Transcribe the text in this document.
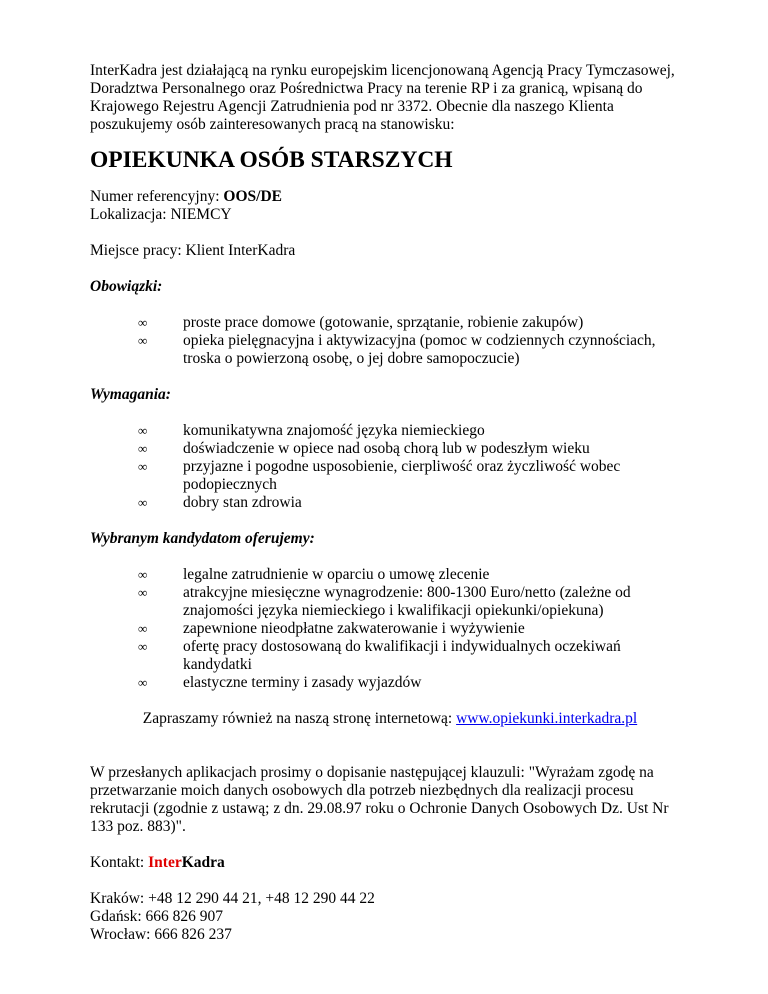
InterKadra jest działającą na rynku europejskim licencjonowaną Agencją Pracy Tymczasowej, Doradztwa Personalnego oraz Pośrednictwa Pracy na terenie RP i za granicą, wpisaną do Krajowego Rejestru Agencji Zatrudnienia pod nr 3372. Obecnie dla naszego Klienta poszukujemy osób zainteresowanych pracą na stanowisku:

OPIEKUNKA OSÓB STARSZYCH

Numer referencyjny: OOS/DE

Lokalizacja: NIEMCY

Miejsce pracy: Klient InterKadra

Obowiązki:

∞	proste prace domowe (gotowanie, sprzątanie, robienie zakupów)
∞	opieka pielęgnacyjna i aktywizacyjna (pomoc w codziennych czynnościach, troska o powierzoną osobę, o jej dobre samopoczucie)

Wymagania:

∞	komunikatywna znajomość języka niemieckiego
∞	doświadczenie w opiece nad osobą chorą lub w podeszłym wieku
∞	przyjazne i pogodne usposobienie, cierpliwość oraz życzliwość wobec podopiecznych
∞	dobry stan zdrowia

Wybranym kandydatom oferujemy:

∞	legalne zatrudnienie w oparciu o umowę zlecenie
∞	atrakcyjne miesięczne wynagrodzenie: 800-1300 Euro/netto (zależne od znajomości języka niemieckiego i kwalifikacji opiekunki/opiekuna)
∞	zapewnione nieodpłatne zakwaterowanie i wyżywienie
∞	ofertę pracy dostosowaną do kwalifikacji i indywidualnych oczekiwań kandydatki
∞	elastyczne terminy i zasady wyjazdów

Zapraszamy również na naszą stronę internetową: www.opiekunki.interkadra.pl

W przesłanych aplikacjach prosimy o dopisanie następującej klauzuli: "Wyrażam zgodę na przetwarzanie moich danych osobowych dla potrzeb niezbędnych dla realizacji procesu rekrutacji (zgodnie z ustawą; z dn. 29.08.97 roku o Ochronie Danych Osobowych Dz. Ust Nr 133 poz. 883)".

Kontakt: InterKadra

Kraków: +48 12 290 44 21, +48 12 290 44 22

Gdańsk: 666 826 907

Wrocław: 666 826 237
